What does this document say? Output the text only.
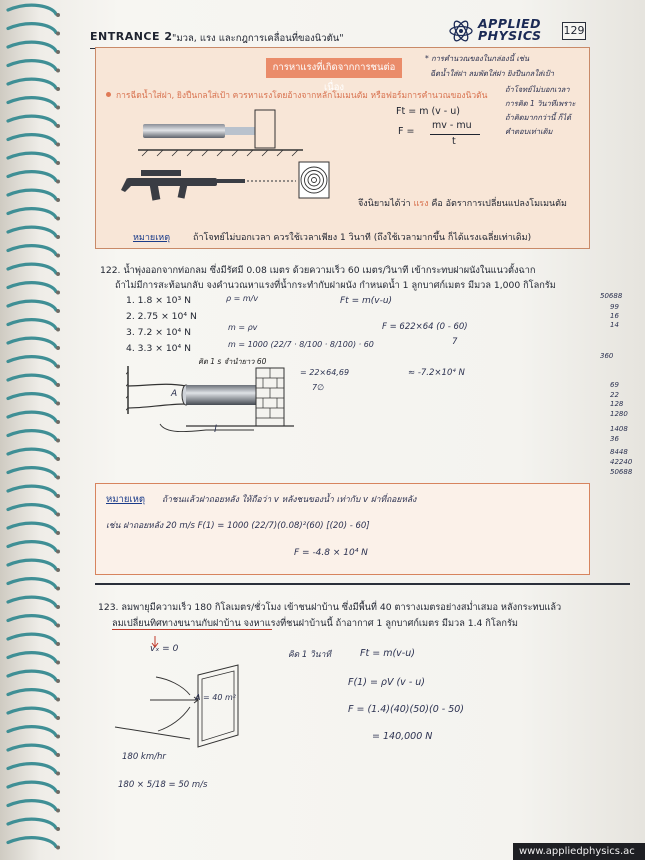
ENTRANCE 2 "มวล, แรง และกฎการเคลื่อนที่ของนิวตัน"
APPLIED PHYSICS	129
การหาแรงที่เกิดจากการชนต่อเนื่อง
การฉีดน้ำใส่ฝา, ยิงปืนกลใส่เป้า ควรหาแรงโดยอ้างจากหลักโมเมนตัม หรือฟอร์มการคำนวณของนิวตัน
Ft = m (v - u)
F =
mv - mu
t
จึงนิยามได้ว่า แรง คือ อัตราการเปลี่ยนแปลงโมเมนตัม
หมายเหตุ	ถ้าโจทย์ไม่บอกเวลา ควรใช้เวลาเพียง 1 วินาที (ถึงใช้เวลามากขึ้น ก็ได้แรงเฉลี่ยเท่าเดิม)
* การคำนวณของในกล่องนี้ เช่น
ฉีดน้ำใส่ฝา ลมพัดใส่ฝา ยิงปืนกลใส่เป้า
ถ้าโจทย์ไม่บอกเวลา
การคิด 1 วินาทีเพราะ
ถ้าคิดมากกว่านี้ ก็ได้
คำตอบเท่าเดิม
122. น้ำพุ่งออกจากท่อกลม ซึ่งมีรัศมี 0.08 เมตร ด้วยความเร็ว 60 เมตร/วินาที เข้ากระทบฝาผนังในแนวตั้งฉาก
ถ้าไม่มีการสะท้อนกลับ จงคำนวณหาแรงที่น้ำกระทำกับฝาผนัง กำหนดน้ำ 1 ลูกบาศก์เมตร มีมวล 1,000 กิโลกรัม
1. 1.8 × 10³ N
2. 2.75 × 10⁴ N
3. 7.2 × 10⁴ N
4. 3.3 × 10⁴ N
ρ = m/v	Ft = m(v-u)
m = ρv	F = 622×64 (0 - 60)
7
m = 1000 (22/7 · 8/100 · 8/100) · 60
= 22×64,69
7∅
≈ -7.2×10⁴ N
คิด 1 s จำนำยาว 60
A
l
50688
99
16
14
360
69
22
128
1280
1408
36
8448
42240
50688
หมายเหตุ ถ้าชนแล้วฝาถอยหลัง ให้ถือว่า v หลังชนของน้ำ เท่ากับ v ฝาที่ถอยหลัง
เช่น ฝาถอยหลัง 20 m/s F(1) = 1000 (22/7)(0.08)²(60) [(20) - 60]
F = -4.8 × 10⁴ N
123. ลมพายุมีความเร็ว 180 กิโลเมตร/ชั่วโมง เข้าชนฝาบ้าน ซึ่งมีพื้นที่ 40 ตารางเมตรอย่างสม่ำเสมอ หลังกระทบแล้ว
ลมเปลี่ยนทิศทางขนานกับฝาบ้าน จงหาแรงที่ชนฝาบ้านนี้ ถ้าอากาศ 1 ลูกบาศก์เมตร มีมวล 1.4 กิโลกรัม
vₓ = 0
A = 40 m²
180 km/hr
180 × 5/18 = 50 m/s
คิด 1 วินาที	Ft = m(v-u)
F(1) = ρV (v - u)
F = (1.4)(40)(50)(0 - 50)
= 140,000 N
www.appliedphysics.ac
